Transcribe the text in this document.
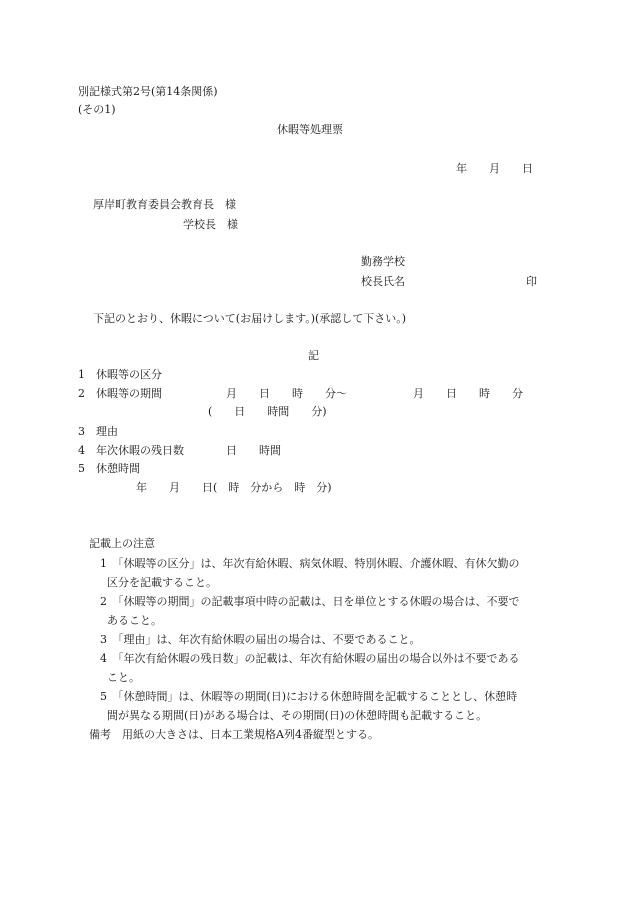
別記様式第2号(第14条関係)
(その1)
休暇等処理票
年　　月　　日
厚岸町教育委員会教育長　様
学校長　様
勤務学校
校長氏名	印
下記のとおり、休暇について(お届けします。)(承認して下さい。)
記
1　休暇等の区分
2　休暇等の期間	月　　日　　時　　分〜	月　　日　　時　　分
(　　日　　時間　　分)
3　理由
4　年次休暇の残日数	日　　時間
5　休憩時間
年　　月　　日(　時　分から　時　分)
記載上の注意
1　「休暇等の区分」は、年次有給休暇、病気休暇、特別休暇、介護休暇、有休欠勤の
区分を記載すること。
2　「休暇等の期間」の記載事項中時の記載は、日を単位とする休暇の場合は、不要で
あること。
3　「理由」は、年次有給休暇の届出の場合は、不要であること。
4　「年次有給休暇の残日数」の記載は、年次有給休暇の届出の場合以外は不要である
こと。
5　「休憩時間」は、休暇等の期間(日)における休憩時間を記載することとし、休憩時
間が異なる期間(日)がある場合は、その期間(日)の休憩時間も記載すること。
備考　用紙の大きさは、日本工業規格A列4番縦型とする。
